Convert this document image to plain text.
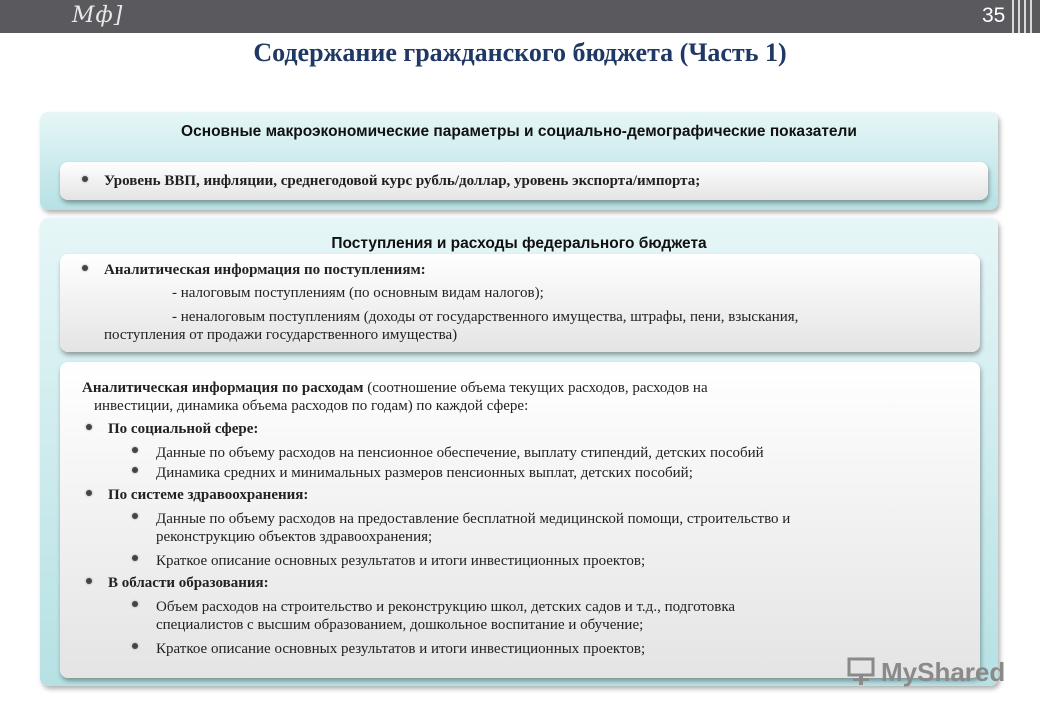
Мф]	35
Содержание гражданского бюджета (Часть 1)
Основные макроэкономические параметры и социально-демографические показатели
Уровень ВВП, инфляции, среднегодовой курс рубль/доллар, уровень экспорта/импорта;
Поступления и расходы федерального бюджета
Аналитическая информация по поступлениям:
- налоговым поступлениям (по основным видам налогов);
- неналоговым поступлениям (доходы от государственного имущества, штрафы, пени, взыскания,
поступления от продажи государственного имущества)
Аналитическая информация по расходам (соотношение объема текущих расходов, расходов на
инвестиции, динамика объема расходов по годам) по каждой сфере:
По социальной сфере:
Данные по объему расходов на пенсионное обеспечение, выплату стипендий, детских пособий
Динамика средних и минимальных размеров пенсионных выплат, детских пособий;
По системе здравоохранения:
Данные по объему расходов на предоставление бесплатной медицинской помощи, строительство и
реконструкцию объектов здравоохранения;
Краткое описание основных результатов и итоги инвестиционных проектов;
В области образования:
Объем расходов на строительство и реконструкцию школ, детских садов и т.д., подготовка
специалистов с высшим образованием, дошкольное воспитание и обучение;
Краткое описание основных результатов и итоги инвестиционных проектов;
MyShared
